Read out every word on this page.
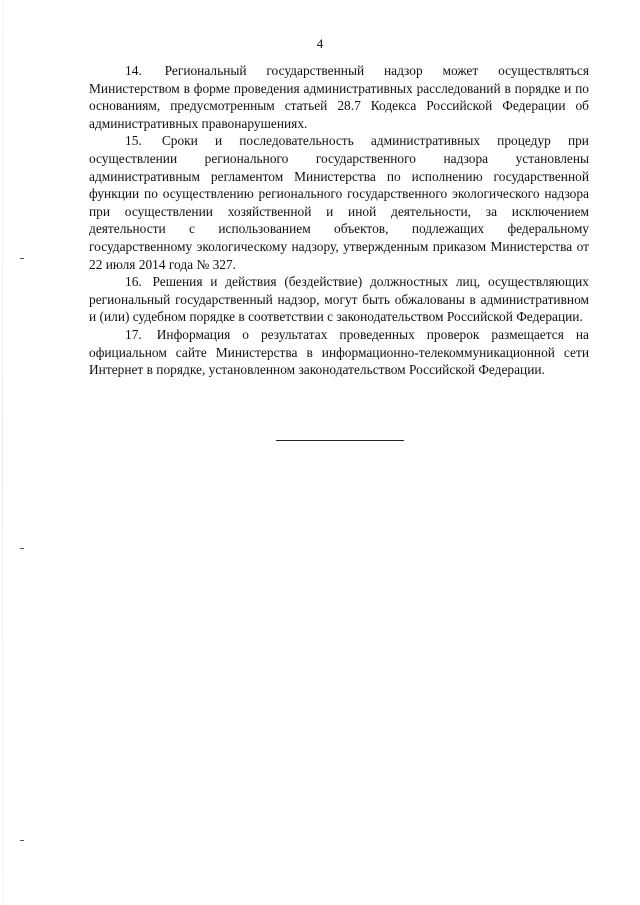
4

14. Региональный государственный надзор может осуществляться Министерством в форме проведения административных расследований в порядке и по основаниям, предусмотренным статьей 28.7 Кодекса Российской Федерации об административных правонарушениях.

15. Сроки и последовательность административных процедур при осуществлении регионального государственного надзора установлены административным регламентом Министерства по исполнению государственной функции по осуществлению регионального государственного экологического надзора при осуществлении хозяйственной и иной деятельности, за исключением деятельности с использованием объектов, подлежащих федеральному государственному экологическому надзору, утвержденным приказом Министерства от 22 июля 2014 года № 327.

16. Решения и действия (бездействие) должностных лиц, осуществляющих региональный государственный надзор, могут быть обжалованы в административном и (или) судебном порядке в соответствии с законодательством Российской Федерации.

17. Информация о результатах проведенных проверок размещается на официальном сайте Министерства в информационно-телекоммуникационной сети Интернет в порядке, установленном законодательством Российской Федерации.
